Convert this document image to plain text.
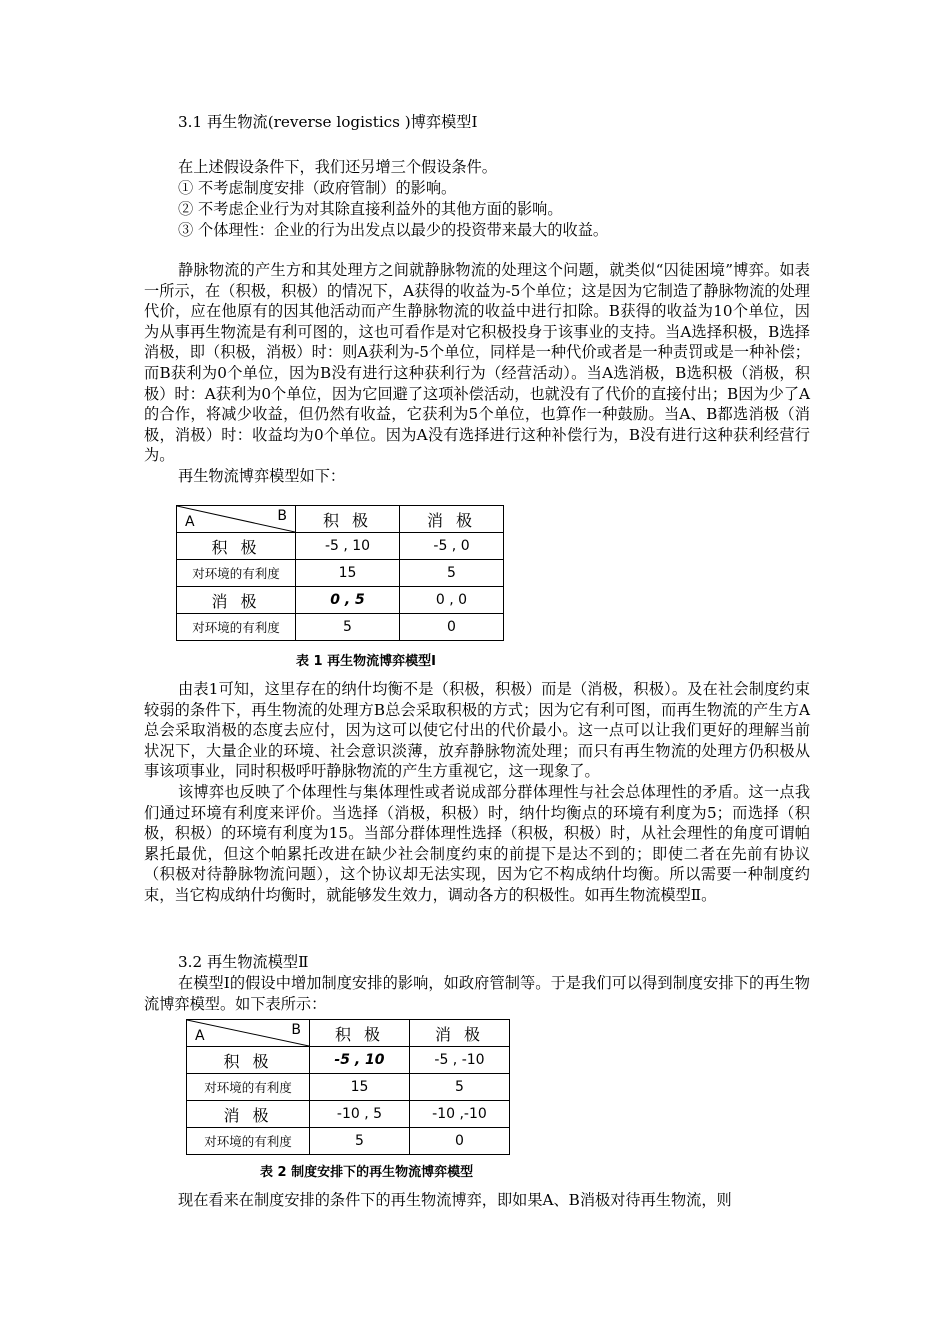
3.1 再生物流(reverse logistics )博弈模型Ⅰ
在上述假设条件下，我们还另增三个假设条件。
① 不考虑制度安排（政府管制）的影响。
② 不考虑企业行为对其除直接利益外的其他方面的影响。
③ 个体理性：企业的行为出发点以最少的投资带来最大的收益。

静脉物流的产生方和其处理方之间就静脉物流的处理这个问题，就类似“囚徒困境”博弈。如表一所示，在（积极，积极）的情况下，A获得的收益为-5个单位；这是因为它制造了静脉物流的处理代价，应在他原有的因其他活动而产生静脉物流的收益中进行扣除。B获得的收益为10个单位，因为从事再生物流是有利可图的，这也可看作是对它积极投身于该事业的支持。当A选择积极，B选择消极，即（积极，消极）时：则A获利为-5个单位，同样是一种代价或者是一种责罚或是一种补偿；而B获利为0个单位，因为B没有进行这种获利行为（经营活动）。当A选消极，B选积极（消极，积极）时：A获利为0个单位，因为它回避了这项补偿活动，也就没有了代价的直接付出；B因为少了A的合作，将减少收益，但仍然有收益，它获利为5个单位，也算作一种鼓励。当A、B都选消极（消极，消极）时：收益均为0个单位。因为A没有选择进行这种补偿行为，B没有进行这种获利经营行为。

再生物流博弈模型如下：

A B	积 极	消 极
积 极	-5 , 10	-5 , 0
对环境的有利度	15	5
消 极	0 , 5	0 , 0
对环境的有利度	5	0
表 1 再生物流博弈模型Ⅰ

由表1可知，这里存在的纳什均衡不是（积极，积极）而是（消极，积极）。及在社会制度约束较弱的条件下，再生物流的处理方B总会采取积极的方式；因为它有利可图，而再生物流的产生方A总会采取消极的态度去应付，因为这可以使它付出的代价最小。这一点可以让我们更好的理解当前状况下，大量企业的环境、社会意识淡薄，放弃静脉物流处理；而只有再生物流的处理方仍积极从事该项事业，同时积极呼吁静脉物流的产生方重视它，这一现象了。

该博弈也反映了个体理性与集体理性或者说成部分群体理性与社会总体理性的矛盾。这一点我们通过环境有利度来评价。当选择（消极，积极）时，纳什均衡点的环境有利度为5；而选择（积极，积极）的环境有利度为15。当部分群体理性选择（积极，积极）时，从社会理性的角度可谓帕累托最优，但这个帕累托改进在缺少社会制度约束的前提下是达不到的；即使二者在先前有协议（积极对待静脉物流问题），这个协议却无法实现，因为它不构成纳什均衡。所以需要一种制度约束，当它构成纳什均衡时，就能够发生效力，调动各方的积极性。如再生物流模型Ⅱ。

3.2 再生物流模型Ⅱ

在模型Ⅰ的假设中增加制度安排的影响，如政府管制等。于是我们可以得到制度安排下的再生物流博弈模型。如下表所示：

A B	积 极	消 极
积 极	-5 , 10	-5 , -10
对环境的有利度	15	5
消 极	-10 , 5	-10 ,-10
对环境的有利度	5	0
表 2 制度安排下的再生物流博弈模型
现在看来在制度安排的条件下的再生物流博弈，即如果A、B消极对待再生物流，则
